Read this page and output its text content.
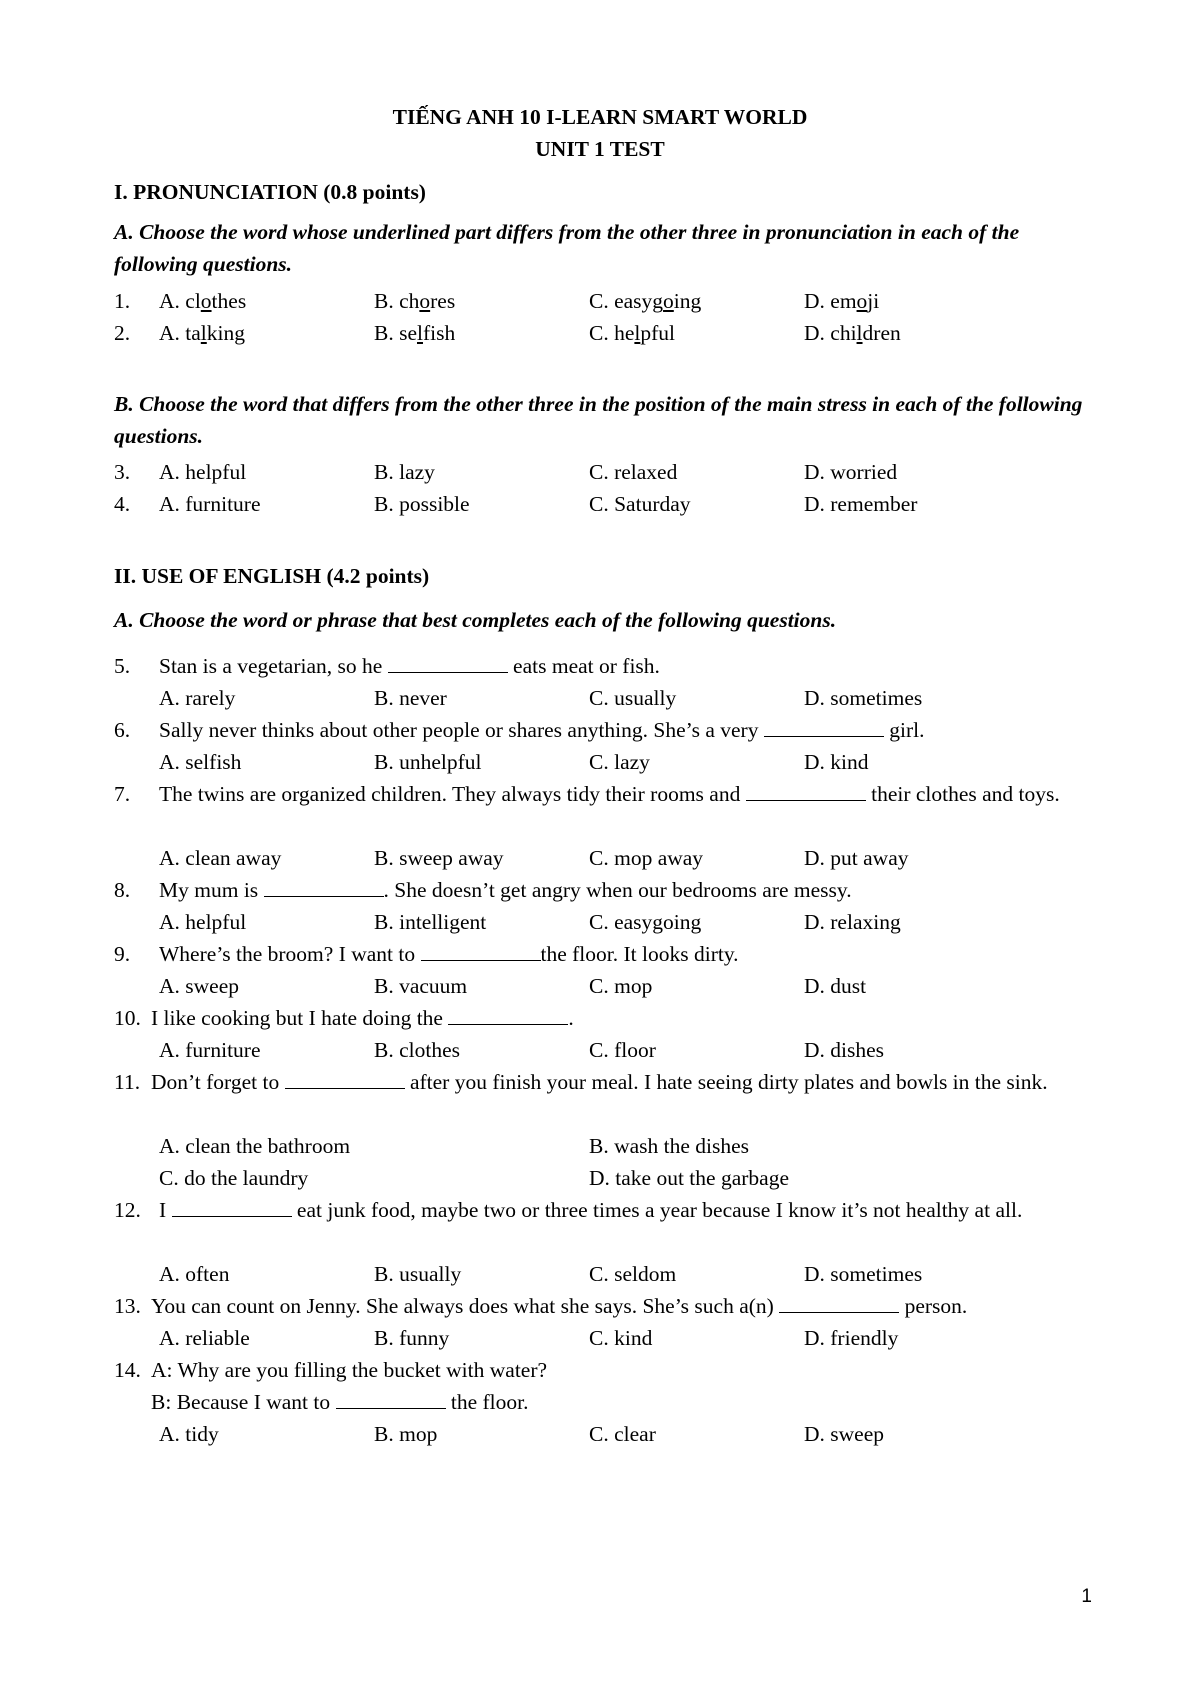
TIẾNG ANH 10 I-LEARN SMART WORLD
UNIT 1 TEST
I. PRONUNCIATION (0.8 points)
A. Choose the word whose underlined part differs from the other three in pronunciation in each of the following questions.
1. A. clothes	B. chores	C. easygoing	D. emoji
2. A. talking	B. selfish	C. helpful	D. children
B. Choose the word that differs from the other three in the position of the main stress in each of the following questions.
3. A. helpful	B. lazy	C. relaxed	D. worried
4. A. furniture	B. possible	C. Saturday	D. remember
II. USE OF ENGLISH (4.2 points)
A. Choose the word or phrase that best completes each of the following questions.
5. Stan is a vegetarian, so he	eats meat or fish.
A. rarely	B. never	C. usually	D. sometimes
6. Sally never thinks about other people or shares anything. She’s a very	girl.
A. selfish	B. unhelpful	C. lazy	D. kind
7. The twins are organized children. They always tidy their rooms and	their clothes and toys.
A. clean away	B. sweep away	C. mop away	D. put away
8. My mum is	. She doesn’t get angry when our bedrooms are messy.
A. helpful	B. intelligent	C. easygoing	D. relaxing
9. Where’s the broom? I want to	the floor. It looks dirty.
A. sweep	B. vacuum	C. mop	D. dust
10. I like cooking but I hate doing the	.
A. furniture	B. clothes	C. floor	D. dishes
11. Don’t forget to	after you finish your meal. I hate seeing dirty plates and bowls in the sink.
A. clean the bathroom	B. wash the dishes
C. do the laundry	D. take out the garbage
12. I	eat junk food, maybe two or three times a year because I know it’s not healthy at all.
A. often	B. usually	C. seldom	D. sometimes
13. You can count on Jenny. She always does what she says. She’s such a(n)	person.
A. reliable	B. funny	C. kind	D. friendly
14. A: Why are you filling the bucket with water?
B: Because I want to	the floor.
A. tidy	B. mop	C. clear	D. sweep
1
